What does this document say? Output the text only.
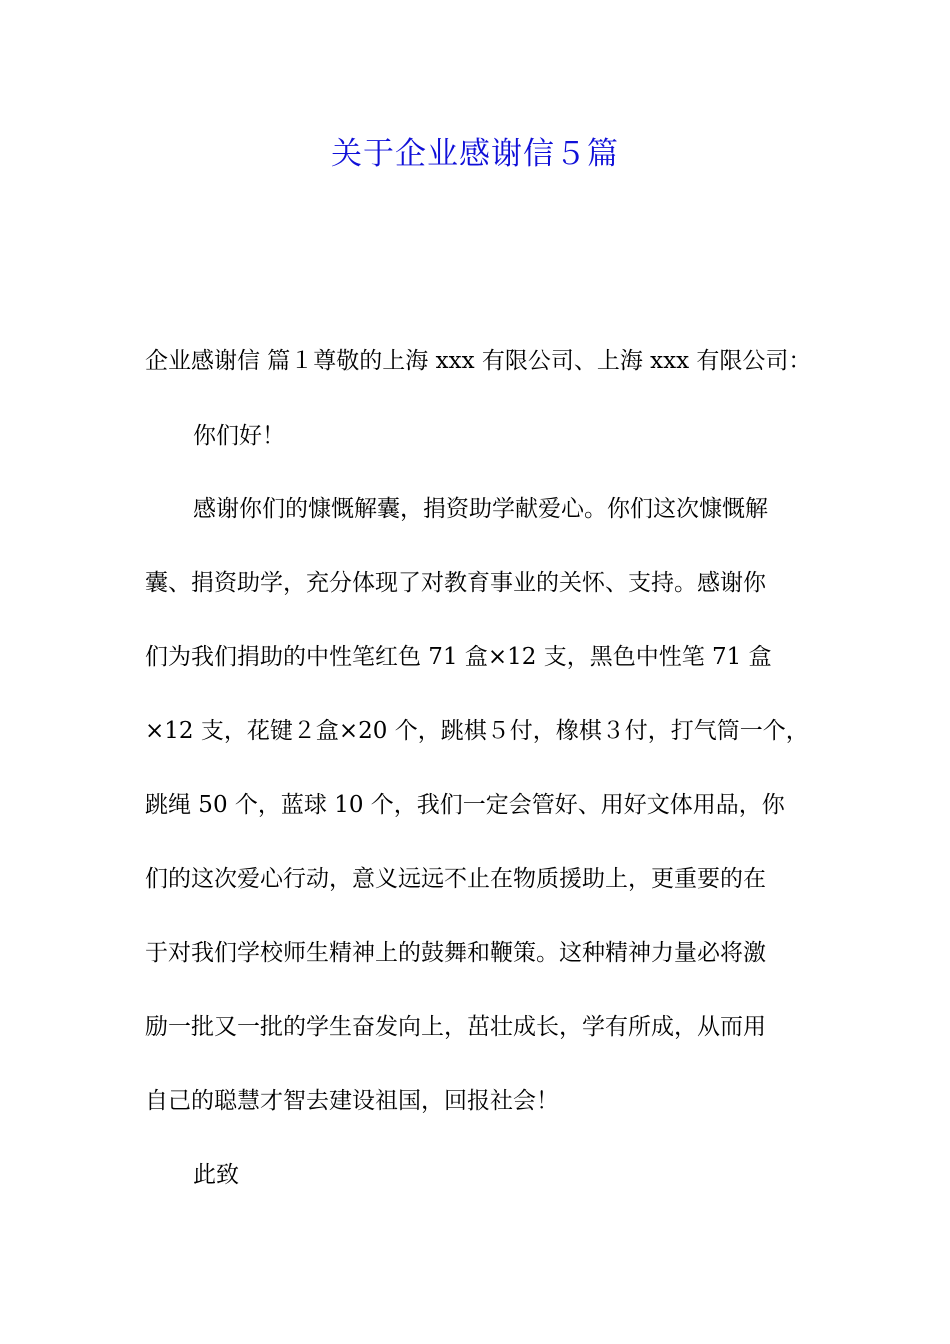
关于企业感谢信５篇
企业感谢信 篇１尊敬的上海 xxx 有限公司、上海 xxx 有限公司：
你们好！
感谢你们的慷慨解囊，捐资助学献爱心。你们这次慷慨解
囊、捐资助学，充分体现了对教育事业的关怀、支持。感谢你
们为我们捐助的中性笔红色 71 盒×12 支，黑色中性笔 71 盒
×12 支，花键２盒×20 个，跳棋５付，橡棋３付，打气筒一个，
跳绳 50 个，蓝球 10 个，我们一定会管好、用好文体用品，你
们的这次爱心行动，意义远远不止在物质援助上，更重要的在
于对我们学校师生精神上的鼓舞和鞭策。这种精神力量必将激
励一批又一批的学生奋发向上，茁壮成长，学有所成，从而用
自己的聪慧才智去建设祖国，回报社会！
此致
